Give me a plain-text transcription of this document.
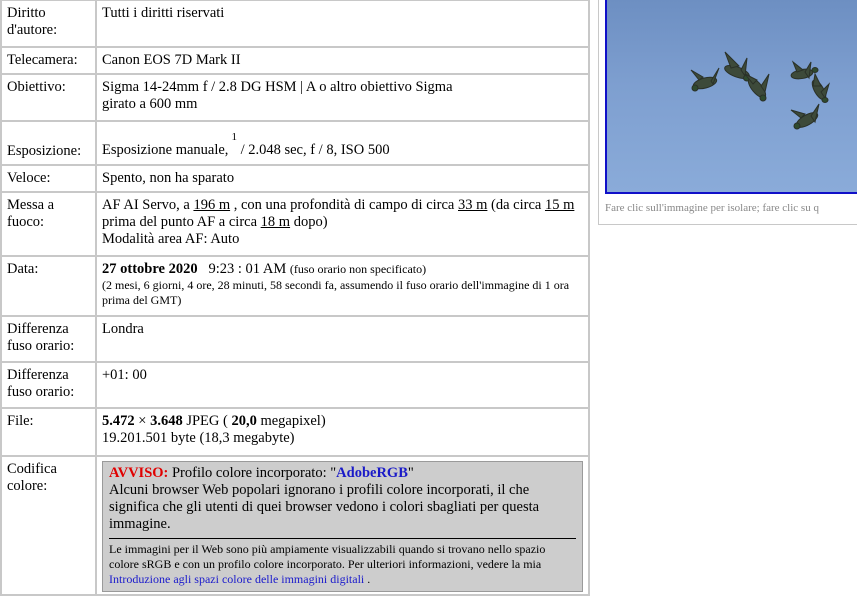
Diritto d'autore:	Tutti i diritti riservati
Telecamera:	Canon EOS 7D Mark II
Obiettivo:	Sigma 14-24mm f / 2.8 DG HSM | A o altro obiettivo Sigma
girato a 600 mm
Esposizione:	Esposizione manuale,$^1$ / 2.048 sec, f / 8, ISO 500
Veloce:	Spento, non ha sparato
Messa a fuoco:	AF AI Servo, a 196 m , con una profondità di campo di circa 33 m (da circa 15 m prima del punto AF a circa 18 m dopo)
Modalità area AF: Auto
Data:	27 ottobre 2020 9:23 : 01 AM (fuso orario non specificato)

(2 mesi, 6 giorni, 4 ore, 28 minuti, 58 secondi fa, assumendo il fuso orario dell'immagine di 1 ora prima del GMT)

Differenza fuso orario:	Londra
Differenza fuso orario:	+01: 00
File:	5.472 × 3.648 JPEG ( 20,0 megapixel)
19.201.501 byte (18,3 megabyte)
Codifica colore:	AVVISO: Profilo colore incorporato: "AdobeRGB"
Alcuni browser Web popolari ignorano i profili colore incorporati, il che significa che gli utenti di quei browser vedono i colori sbagliati per questa immagine.
Le immagini per il Web sono più ampiamente visualizzabili quando si trovano nello spazio colore sRGB e con un profilo colore incorporato. Per ulteriori informazioni, vedere la mia Introduzione agli spazi colore delle immagini digitali .
Fare clic sull'immagine per isolare; fare clic su q
